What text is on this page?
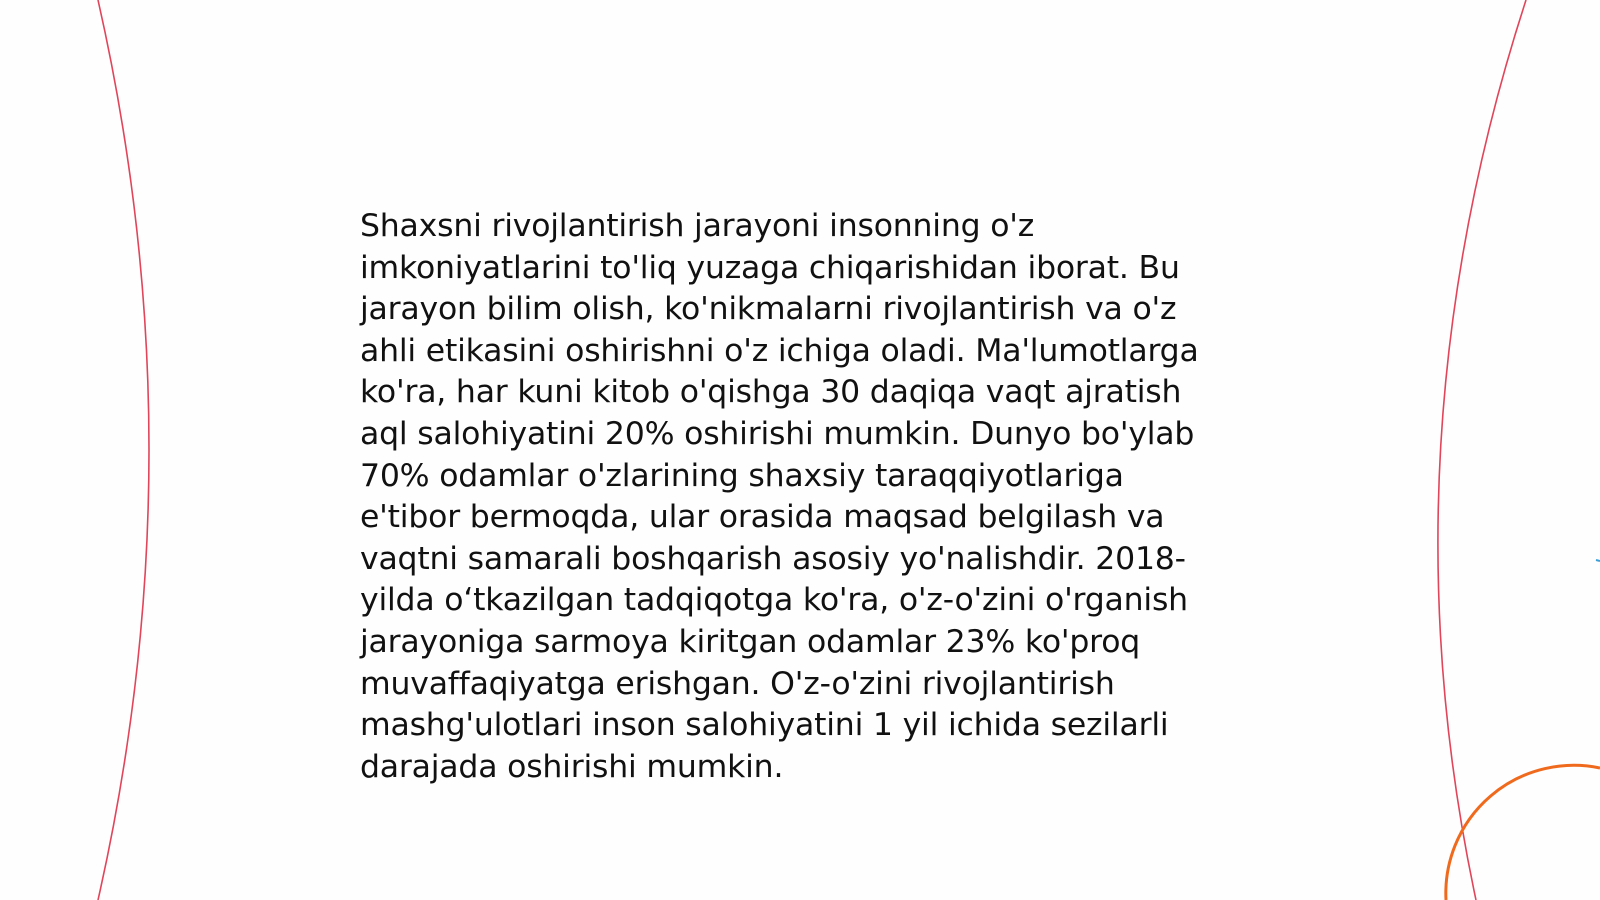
Shaxsni rivojlantirish jarayoni insonning o'z
imkoniyatlarini to'liq yuzaga chiqarishidan iborat. Bu
jarayon bilim olish, ko'nikmalarni rivojlantirish va o'z
ahli etikasini oshirishni o'z ichiga oladi. Ma'lumotlarga
ko'ra, har kuni kitob o'qishga 30 daqiqa vaqt ajratish
aql salohiyatini 20% oshirishi mumkin. Dunyo bo'ylab
70% odamlar o'zlarining shaxsiy taraqqiyotlariga
e'tibor bermoqda, ular orasida maqsad belgilash va
vaqtni samarali boshqarish asosiy yo'nalishdir. 2018-
yilda o‘tkazilgan tadqiqotga ko'ra, o'z-o'zini o'rganish
jarayoniga sarmoya kiritgan odamlar 23% ko'proq
muvaffaqiyatga erishgan. O'z-o'zini rivojlantirish
mashg'ulotlari inson salohiyatini 1 yil ichida sezilarli
darajada oshirishi mumkin.
